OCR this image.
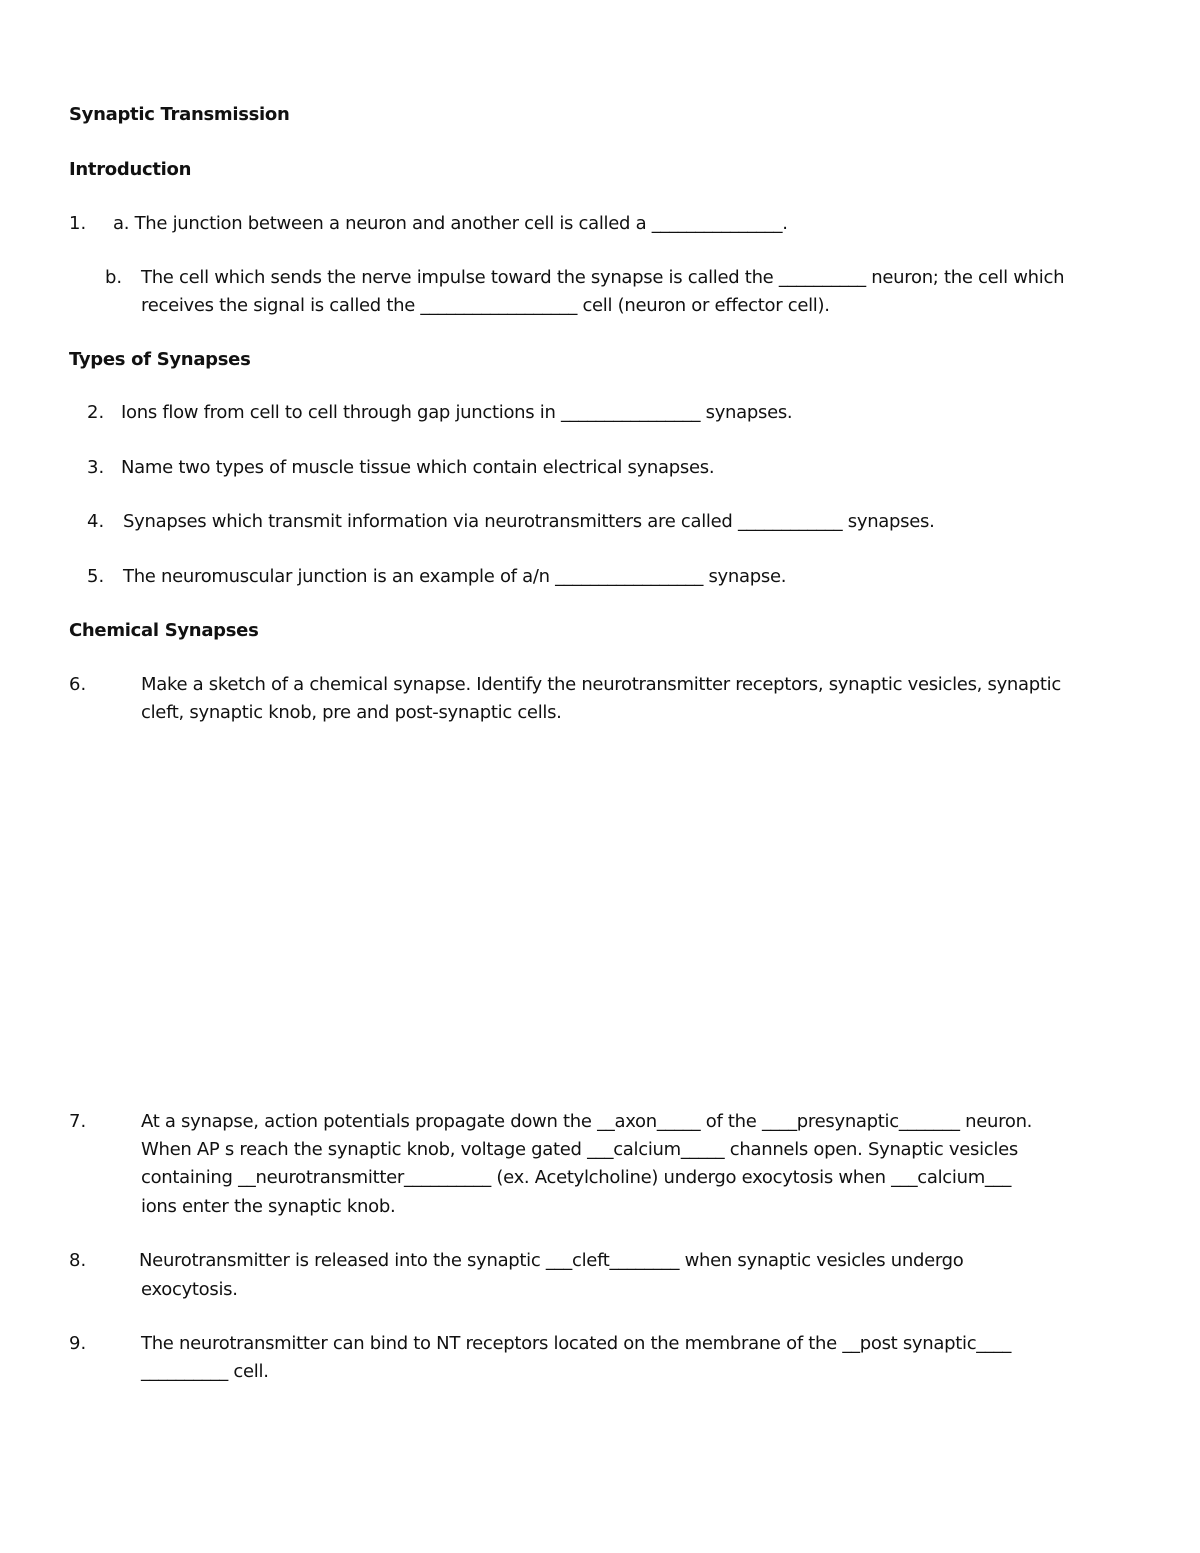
Synaptic Transmission
Introduction
1. a. The junction between a neuron and another cell is called a _______________.
b. The cell which sends the nerve impulse toward the synapse is called the __________ neuron; the cell which
receives the signal is called the __________________ cell (neuron or effector cell).
Types of Synapses
2. Ions flow from cell to cell through gap junctions in ________________ synapses.
3. Name two types of muscle tissue which contain electrical synapses.
4. Synapses which transmit information via neurotransmitters are called ____________ synapses.
5. The neuromuscular junction is an example of a/n _________________ synapse.
Chemical Synapses
6.	Make a sketch of a chemical synapse. Identify the neurotransmitter receptors, synaptic vesicles, synaptic
cleft, synaptic knob, pre and post-synaptic cells.
7.	At a synapse, action potentials propagate down the __axon_____ of the ____presynaptic_______ neuron.
When AP s reach the synaptic knob, voltage gated ___calcium_____ channels open. Synaptic vesicles
containing __neurotransmitter__________ (ex. Acetylcholine) undergo exocytosis when ___calcium___
ions enter the synaptic knob.
8.	Neurotransmitter is released into the synaptic ___cleft________ when synaptic vesicles undergo
exocytosis.
9.	The neurotransmitter can bind to NT receptors located on the membrane of the __post synaptic____
__________ cell.
